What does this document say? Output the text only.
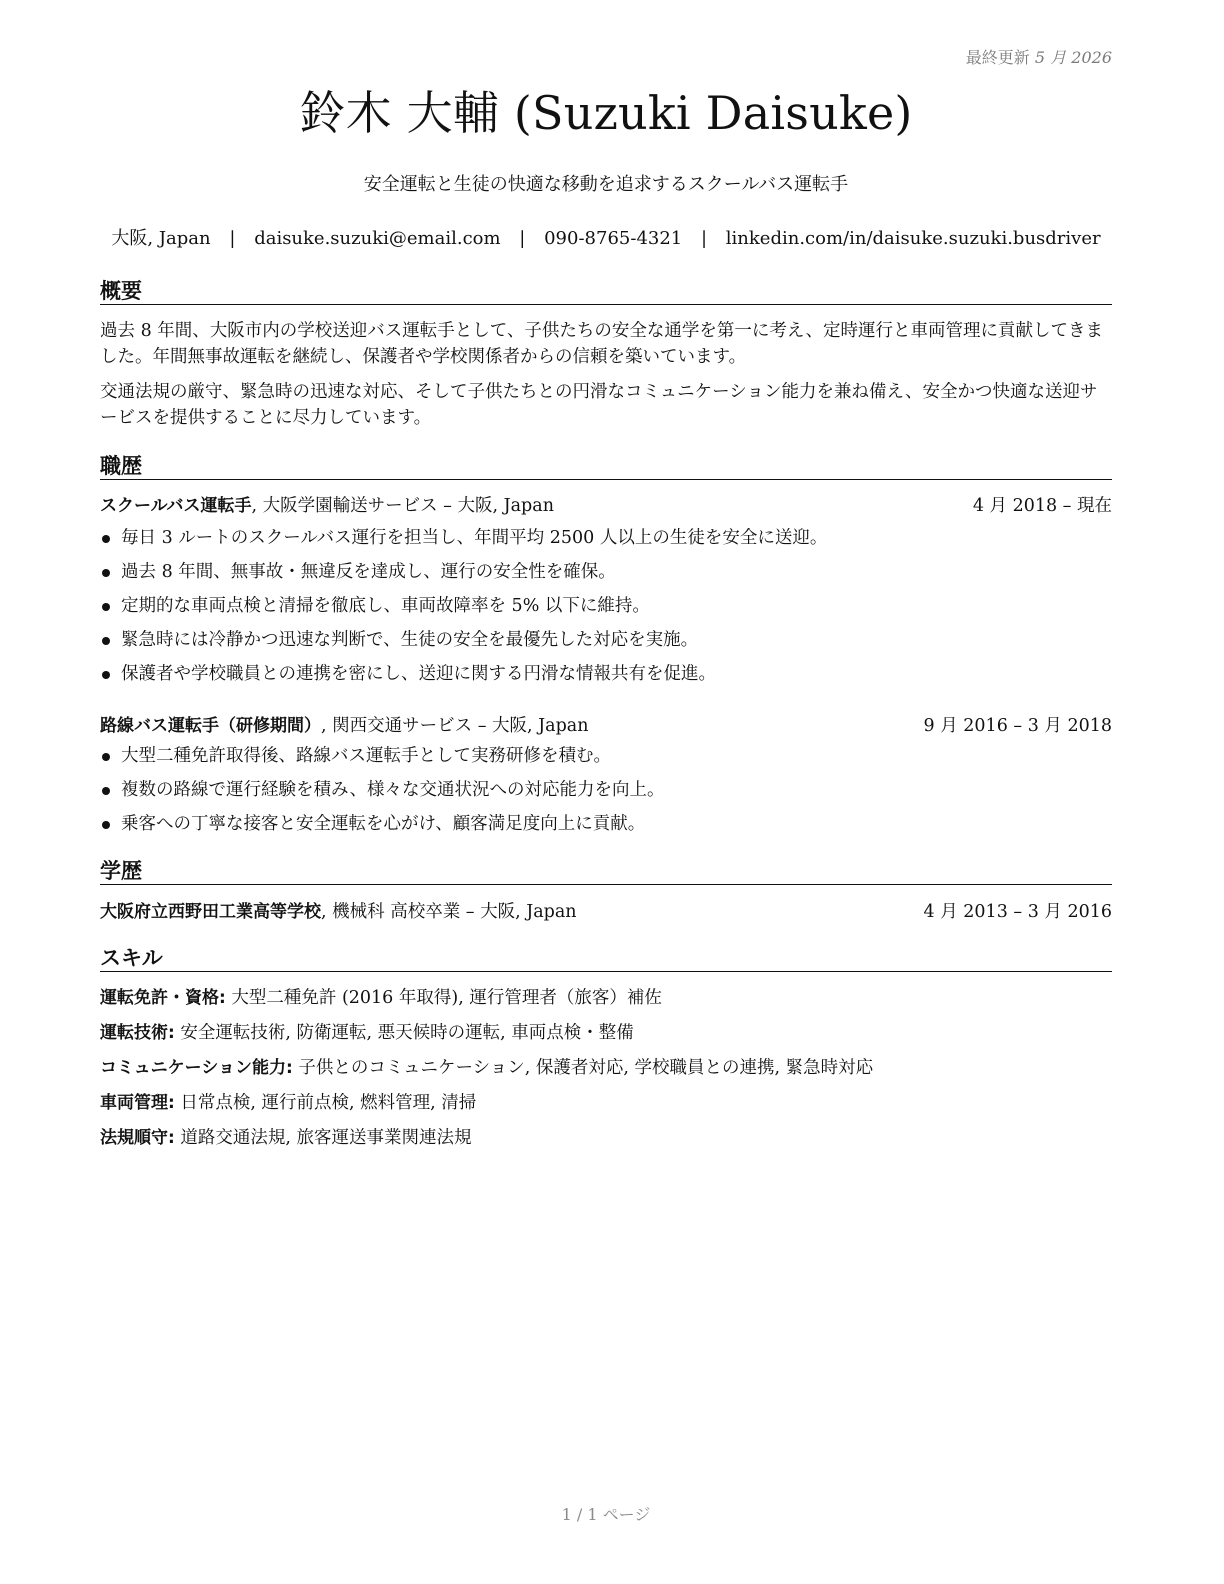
最終更新 5 月 2026
鈴木 大輔 (Suzuki Daisuke)
安全運転と生徒の快適な移動を追求するスクールバス運転手
大阪, Japan | daisuke.suzuki@email.com | 090-8765-4321 | linkedin.com/in/daisuke.suzuki.busdriver
概要

過去 8 年間、大阪市内の学校送迎バス運転手として、子供たちの安全な通学を第一に考え、定時運行と車両管理に貢献してきました。年間無事故運転を継続し、保護者や学校関係者からの信頼を築いています。

交通法規の厳守、緊急時の迅速な対応、そして子供たちとの円滑なコミュニケーション能力を兼ね備え、安全かつ快適な送迎サービスを提供することに尽力しています。

職歴
スクールバス運転手, 大阪学園輸送サービス – 大阪, Japan	4 月 2018 – 現在
毎日 3 ルートのスクールバス運行を担当し、年間平均 2500 人以上の生徒を安全に送迎。
過去 8 年間、無事故・無違反を達成し、運行の安全性を確保。
定期的な車両点検と清掃を徹底し、車両故障率を 5% 以下に維持。
緊急時には冷静かつ迅速な判断で、生徒の安全を最優先した対応を実施。
保護者や学校職員との連携を密にし、送迎に関する円滑な情報共有を促進。
路線バス運転手（研修期間）, 関西交通サービス – 大阪, Japan	9 月 2016 – 3 月 2018
大型二種免許取得後、路線バス運転手として実務研修を積む。
複数の路線で運行経験を積み、様々な交通状況への対応能力を向上。
乗客への丁寧な接客と安全運転を心がけ、顧客満足度向上に貢献。
学歴
大阪府立西野田工業高等学校, 機械科 高校卒業 – 大阪, Japan	4 月 2013 – 3 月 2016
スキル
運転免許・資格: 大型二種免許 (2016 年取得), 運行管理者（旅客）補佐
運転技術: 安全運転技術, 防衛運転, 悪天候時の運転, 車両点検・整備
コミュニケーション能力: 子供とのコミュニケーション, 保護者対応, 学校職員との連携, 緊急時対応
車両管理: 日常点検, 運行前点検, 燃料管理, 清掃
法規順守: 道路交通法規, 旅客運送事業関連法規
1 / 1 ページ
